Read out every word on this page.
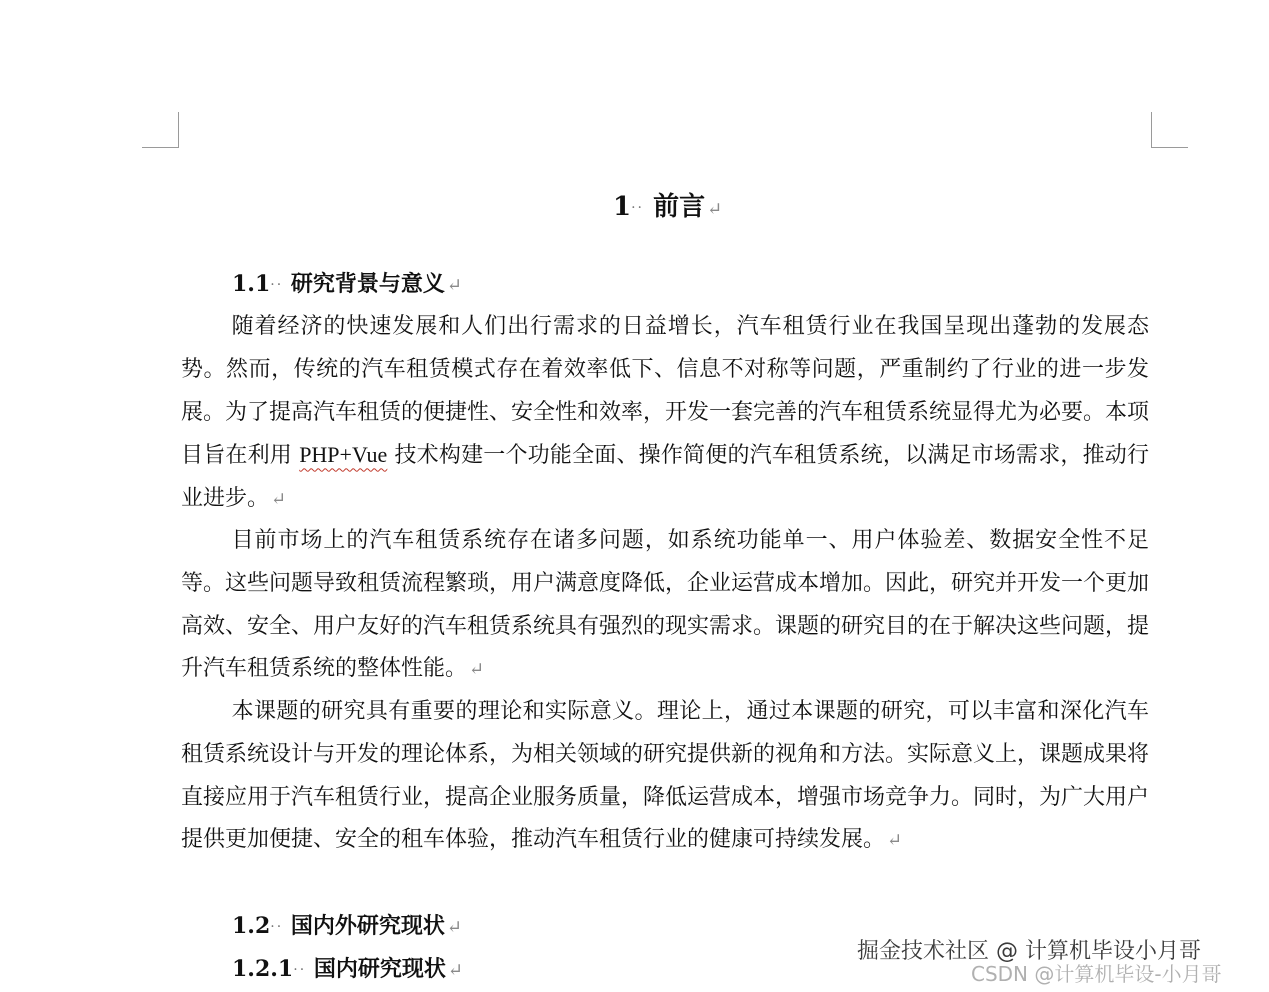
1·· 前言 ↵
1.1·· 研究背景与意义 ↵

随着经济的快速发展和人们出行需求的日益增长，汽车租赁行业在我国呈现出蓬勃的发展态势。然而，传统的汽车租赁模式存在着效率低下、信息不对称等问题，严重制约了行业的进一步发展。为了提高汽车租赁的便捷性、安全性和效率，开发一套完善的汽车租赁系统显得尤为必要。本项目旨在利用 PHP+Vue 技术构建一个功能全面、操作简便的汽车租赁系统，以满足市场需求，推动行业进步。 ↵

目前市场上的汽车租赁系统存在诸多问题，如系统功能单一、用户体验差、数据安全性不足等。这些问题导致租赁流程繁琐，用户满意度降低，企业运营成本增加。因此，研究并开发一个更加高效、安全、用户友好的汽车租赁系统具有强烈的现实需求。课题的研究目的在于解决这些问题，提升汽车租赁系统的整体性能。 ↵

本课题的研究具有重要的理论和实际意义。理论上，通过本课题的研究，可以丰富和深化汽车租赁系统设计与开发的理论体系，为相关领域的研究提供新的视角和方法。实际意义上，课题成果将直接应用于汽车租赁行业，提高企业服务质量，降低运营成本，增强市场竞争力。同时，为广大用户提供更加便捷、安全的租车体验，推动汽车租赁行业的健康可持续发展。 ↵

1.2·· 国内外研究现状 ↵
1.2.1·· 国内研究现状 ↵
掘金技术社区 @ 计算机毕设小月哥
CSDN @计算机毕设-小月哥
